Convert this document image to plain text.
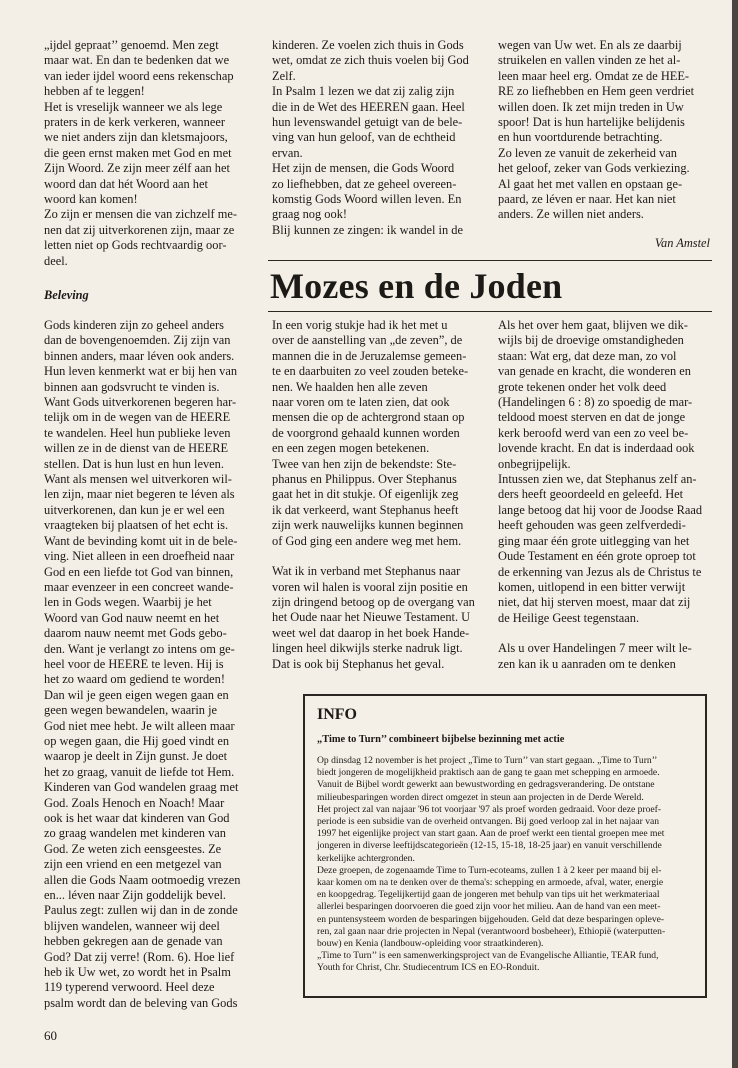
„ijdel gepraat’’ genoemd. Men zegt

maar wat. En dan te bedenken dat we

van ieder ijdel woord eens rekenschap

hebben af te leggen!

Het is vreselijk wanneer we als lege

praters in de kerk verkeren, wanneer

we niet anders zijn dan kletsmajoors,

die geen ernst maken met God en met

Zijn Woord. Ze zijn meer zélf aan het

woord dan dat hét Woord aan het

woord kan komen!

Zo zijn er mensen die van zichzelf me-

nen dat zij uitverkorenen zijn, maar ze

letten niet op Gods rechtvaardig oor-

deel.

Beleving

Gods kinderen zijn zo geheel anders

dan de bovengenoemden. Zij zijn van

binnen anders, maar léven ook anders.

Hun leven kenmerkt wat er bij hen van

binnen aan godsvrucht te vinden is.

Want Gods uitverkorenen begeren har-

telijk om in de wegen van de HEERE

te wandelen. Heel hun publieke leven

willen ze in de dienst van de HEERE

stellen. Dat is hun lust en hun leven.

Want als mensen wel uitverkoren wil-

len zijn, maar niet begeren te léven als

uitverkorenen, dan kun je er wel een

vraagteken bij plaatsen of het echt is.

Want de bevinding komt uit in de bele-

ving. Niet alleen in een droefheid naar

God en een liefde tot God van binnen,

maar evenzeer in een concreet wande-

len in Gods wegen. Waarbij je het

Woord van God nauw neemt en het

daarom nauw neemt met Gods gebo-

den. Want je verlangt zo intens om ge-

heel voor de HEERE te leven. Hij is

het zo waard om gediend te worden!

Dan wil je geen eigen wegen gaan en

geen wegen bewandelen, waarin je

God niet mee hebt. Je wilt alleen maar

op wegen gaan, die Hij goed vindt en

waarop je deelt in Zijn gunst. Je doet

het zo graag, vanuit de liefde tot Hem.

Kinderen van God wandelen graag met

God. Zoals Henoch en Noach! Maar

ook is het waar dat kinderen van God

zo graag wandelen met kinderen van

God. Ze weten zich eensgeestes. Ze

zijn een vriend en een metgezel van

allen die Gods Naam ootmoedig vrezen

en... léven naar Zijn goddelijk bevel.

Paulus zegt: zullen wij dan in de zonde

blijven wandelen, wanneer wij deel

hebben gekregen aan de genade van

God? Dat zij verre! (Rom. 6). Hoe lief

heb ik Uw wet, zo wordt het in Psalm

119 typerend verwoord. Heel deze

psalm wordt dan de beleving van Gods

kinderen. Ze voelen zich thuis in Gods

wet, omdat ze zich thuis voelen bij God

Zelf.

In Psalm 1 lezen we dat zij zalig zijn

die in de Wet des HEEREN gaan. Heel

hun levenswandel getuigt van de bele-

ving van hun geloof, van de echtheid

ervan.

Het zijn de mensen, die Gods Woord

zo liefhebben, dat ze geheel overeen-

komstig Gods Woord willen leven. En

graag nog ook!

Blij kunnen ze zingen: ik wandel in de

wegen van Uw wet. En als ze daarbij

struikelen en vallen vinden ze het al-

leen maar heel erg. Omdat ze de HEE-

RE zo liefhebben en Hem geen verdriet

willen doen. Ik zet mijn treden in Uw

spoor! Dat is hun hartelijke belijdenis

en hun voortdurende betrachting.

Zo leven ze vanuit de zekerheid van

het geloof, zeker van Gods verkiezing.

Al gaat het met vallen en opstaan ge-

paard, ze léven er naar. Het kan niet

anders. Ze willen niet anders.

Van Amstel
Mozes en de Joden

In een vorig stukje had ik het met u

over de aanstelling van „de zeven”, de

mannen die in de Jeruzalemse gemeen-

te en daarbuiten zo veel zouden beteke-

nen. We haalden hen alle zeven

naar voren om te laten zien, dat ook

mensen die op de achtergrond staan op

de voorgrond gehaald kunnen worden

en een zegen mogen betekenen.

Twee van hen zijn de bekendste: Ste-

phanus en Philippus. Over Stephanus

gaat het in dit stukje. Of eigenlijk zeg

ik dat verkeerd, want Stephanus heeft

zijn werk nauwelijks kunnen beginnen

of God ging een andere weg met hem.

Wat ik in verband met Stephanus naar

voren wil halen is vooral zijn positie en

zijn dringend betoog op de overgang van

het Oude naar het Nieuwe Testament. U

weet wel dat daarop in het boek Hande-

lingen heel dikwijls sterke nadruk ligt.

Dat is ook bij Stephanus het geval.

Als het over hem gaat, blijven we dik-

wijls bij de droevige omstandigheden

staan: Wat erg, dat deze man, zo vol

van genade en kracht, die wonderen en

grote tekenen onder het volk deed

(Handelingen 6 : 8) zo spoedig de mar-

teldood moest sterven en dat de jonge

kerk beroofd werd van een zo veel be-

lovende kracht. En dat is inderdaad ook

onbegrijpelijk.

Intussen zien we, dat Stephanus zelf an-

ders heeft geoordeeld en geleefd. Het

lange betoog dat hij voor de Joodse Raad

heeft gehouden was geen zelfverdedi-

ging maar één grote uitlegging van het

Oude Testament en één grote oproep tot

de erkenning van Jezus als de Christus te

komen, uitlopend in een bitter verwijt

niet, dat hij sterven moest, maar dat zij

de Heilige Geest tegenstaan.

Als u over Handelingen 7 meer wilt le-

zen kan ik u aanraden om te denken

INFO

„Time to Turn’’ combineert bijbelse bezinning met actie

Op dinsdag 12 november is het project „Time to Turn’’ van start gegaan. „Time to Turn’’

biedt jongeren de mogelijkheid praktisch aan de gang te gaan met schepping en armoede.

Vanuit de Bijbel wordt gewerkt aan bewustwording en gedragsverandering. De ontstane

milieubesparingen worden direct omgezet in steun aan projecten in de Derde Wereld.

Het project zal van najaar '96 tot voorjaar '97 als proef worden gedraaid. Voor deze proef-

periode is een subsidie van de overheid ontvangen. Bij goed verloop zal in het najaar van

1997 het eigenlijke project van start gaan. Aan de proef werkt een tiental groepen mee met

jongeren in diverse leeftijdscategorieën (12-15, 15-18, 18-25 jaar) en vanuit verschillende

kerkelijke achtergronden.

Deze groepen, de zogenaamde Time to Turn-ecoteams, zullen 1 à 2 keer per maand bij el-

kaar komen om na te denken over de thema's: schepping en armoede, afval, water, energie

en koopgedrag. Tegelijkertijd gaan de jongeren met behulp van tips uit het werkmateriaal

allerlei besparingen doorvoeren die goed zijn voor het milieu. Aan de hand van een meet-

en puntensysteem worden de besparingen bijgehouden. Geld dat deze besparingen opleve-

ren, zal gaan naar drie projecten in Nepal (verantwoord bosbeheer), Ethiopië (waterputten-

bouw) en Kenia (landbouw-opleiding voor straatkinderen).

„Time to Turn’’ is een samenwerkingsproject van de Evangelische Alliantie, TEAR fund,

Youth for Christ, Chr. Studiecentrum ICS en EO-Ronduit.

60
